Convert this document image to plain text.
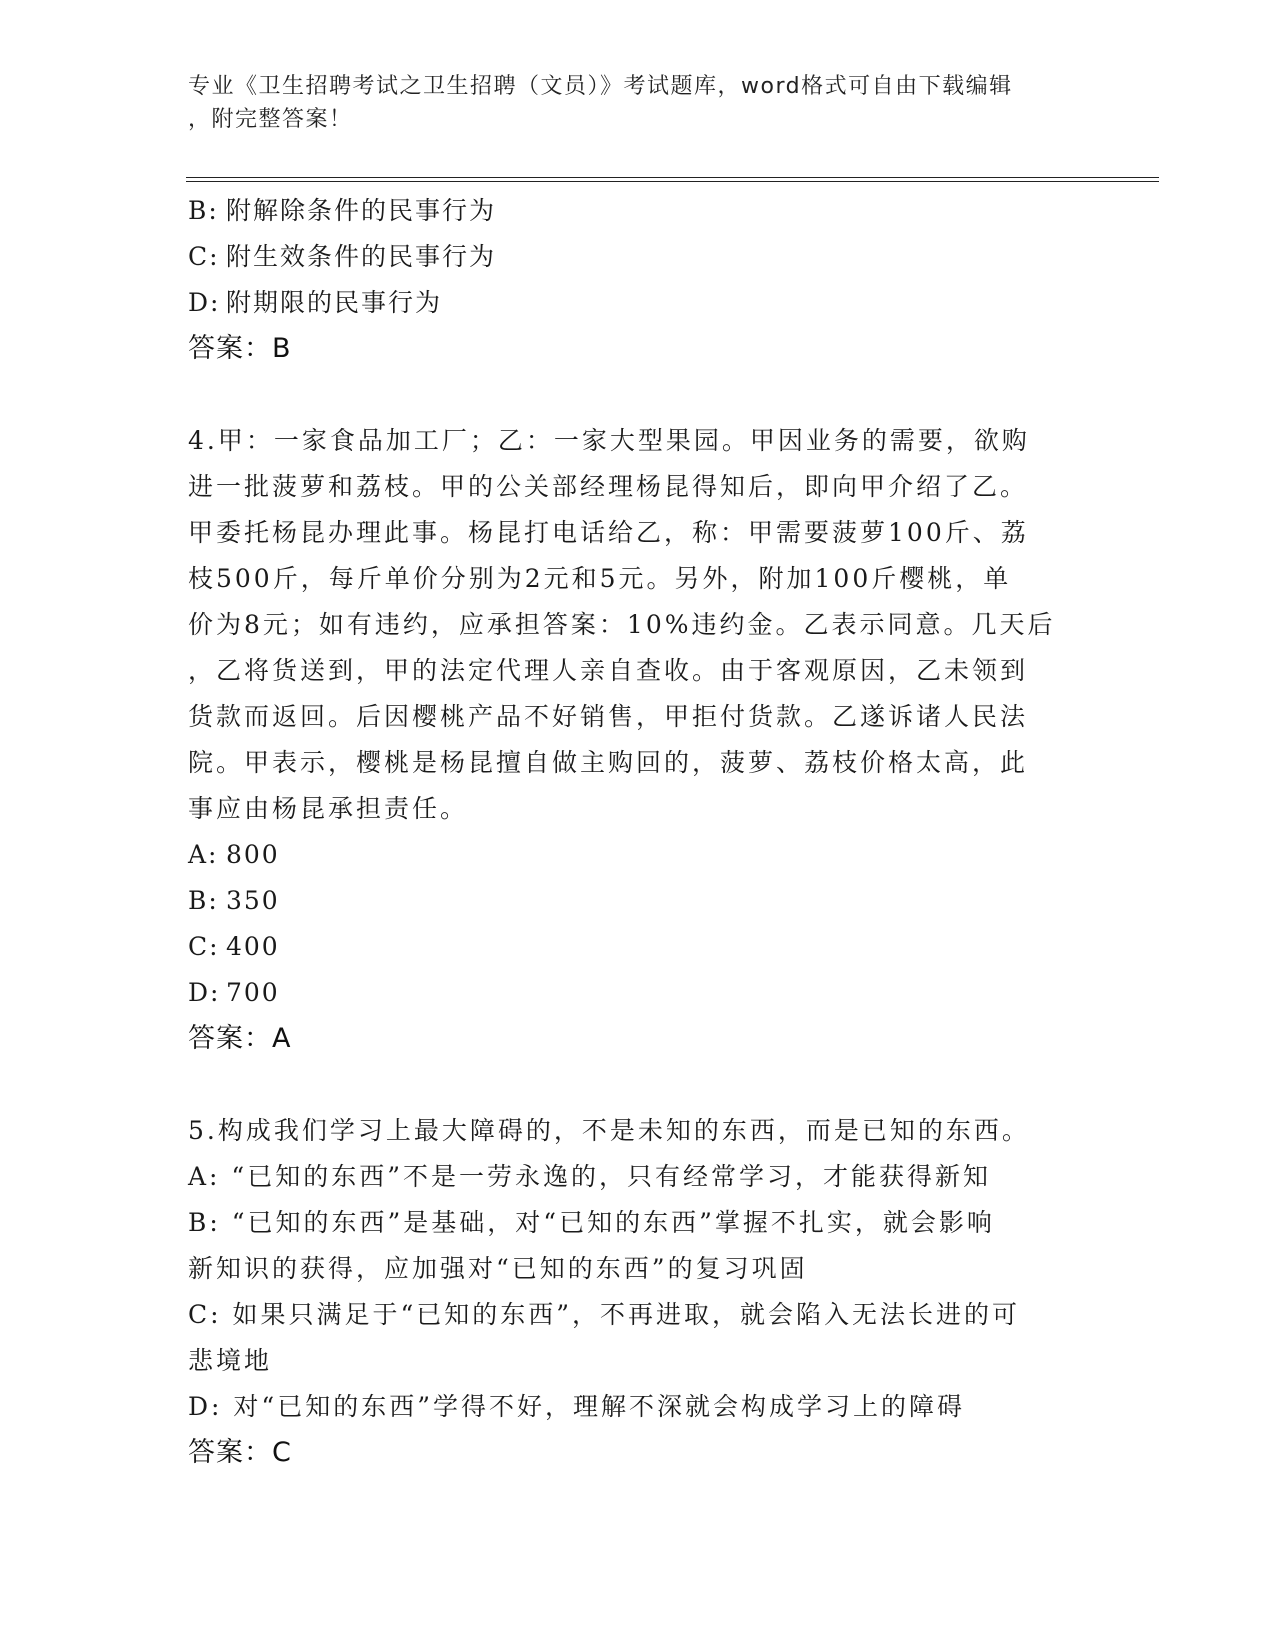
专业《卫生招聘考试之卫生招聘（文员）》考试题库，word格式可自由下载编辑
，附完整答案！
B: 附解除条件的民事行为
C: 附生效条件的民事行为
D: 附期限的民事行为
答案：B
4.甲：一家食品加工厂；乙：一家大型果园。甲因业务的需要，欲购
进一批菠萝和荔枝。甲的公关部经理杨昆得知后，即向甲介绍了乙。
甲委托杨昆办理此事。杨昆打电话给乙，称：甲需要菠萝100斤、荔
枝500斤，每斤单价分别为2元和5元。另外，附加100斤樱桃，单
价为8元；如有违约，应承担答案：10%违约金。乙表示同意。几天后
，乙将货送到，甲的法定代理人亲自查收。由于客观原因，乙未领到
货款而返回。后因樱桃产品不好销售，甲拒付货款。乙遂诉诸人民法
院。甲表示，樱桃是杨昆擅自做主购回的，菠萝、荔枝价格太高，此
事应由杨昆承担责任。
A: 800
B: 350
C: 400
D: 700
答案：A
5.构成我们学习上最大障碍的，不是未知的东西，而是已知的东西。
A: “已知的东西”不是一劳永逸的，只有经常学习，才能获得新知
B: “已知的东西”是基础，对“已知的东西”掌握不扎实，就会影响
新知识的获得，应加强对“已知的东西”的复习巩固
C: 如果只满足于“已知的东西”，不再进取，就会陷入无法长进的可
悲境地
D: 对“已知的东西”学得不好，理解不深就会构成学习上的障碍
答案：C
